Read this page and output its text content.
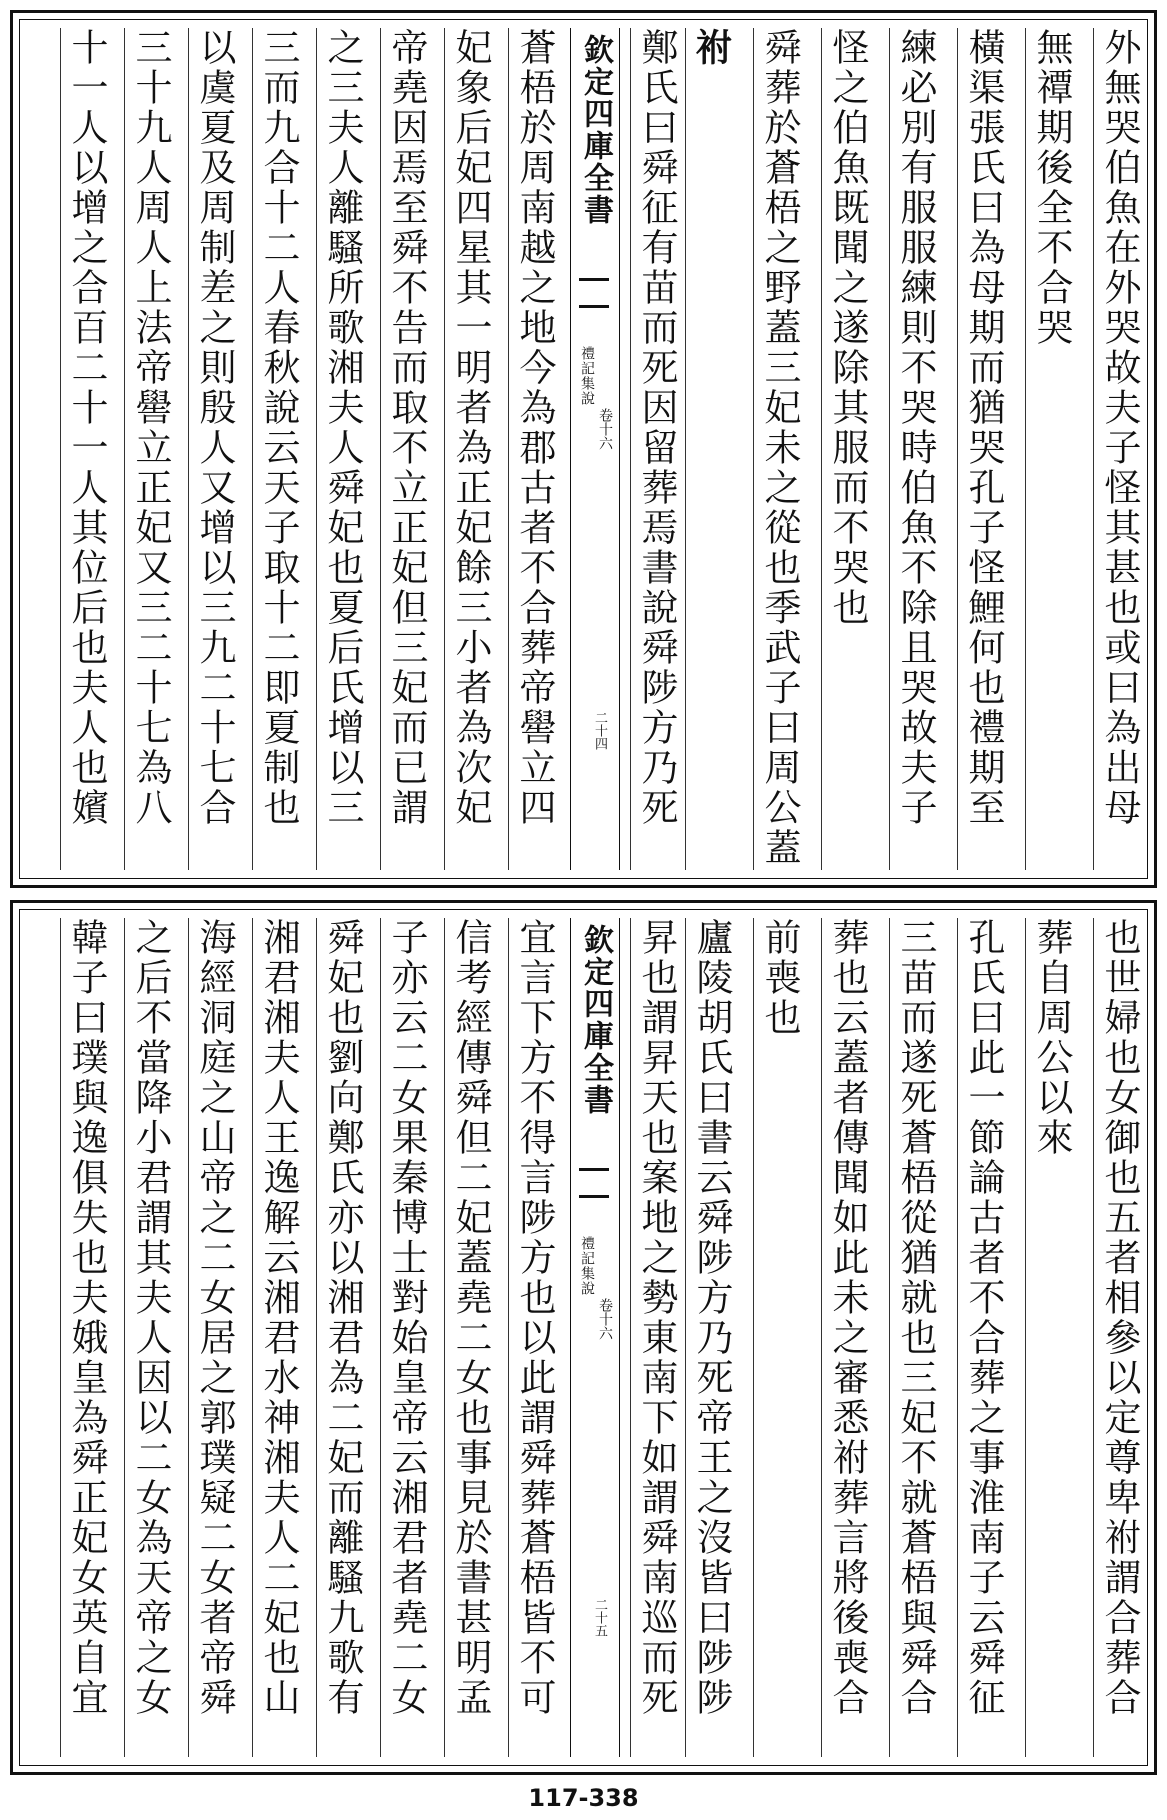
外無哭伯魚在外哭故夫子怪其甚也或曰為出母
無禫期後全不合哭
橫渠張氏曰為母期而猶哭孔子怪鯉何也禮期至
練必別有服服練則不哭時伯魚不除且哭故夫子
怪之伯魚既聞之遂除其服而不哭也
舜葬於蒼梧之野蓋三妃未之從也季武子曰周公蓋
祔
鄭氏曰舜征有苗而死因留葬焉書說舜陟方乃死
欽定四庫全書
禮記集說
卷十六
二十四
蒼梧於周南越之地今為郡古者不合葬帝嚳立四
妃象后妃四星其一明者為正妃餘三小者為次妃
帝堯因焉至舜不告而取不立正妃但三妃而已謂
之三夫人離騷所歌湘夫人舜妃也夏后氏增以三
三而九合十二人春秋說云天子取十二即夏制也
以虞夏及周制差之則殷人又增以三九二十七合
三十九人周人上法帝嚳立正妃又三二十七為八
十一人以增之合百二十一人其位后也夫人也嬪
也世婦也女御也五者相參以定尊卑祔謂合葬合
葬自周公以來
孔氏曰此一節論古者不合葬之事淮南子云舜征
三苗而遂死蒼梧從猶就也三妃不就蒼梧與舜合
葬也云蓋者傳聞如此未之審悉祔葬言將後喪合
前喪也
廬陵胡氏曰書云舜陟方乃死帝王之沒皆曰陟陟
昇也謂昇天也案地之勢東南下如謂舜南巡而死
欽定四庫全書
禮記集說
卷十六
二十五
宜言下方不得言陟方也以此謂舜葬蒼梧皆不可
信考經傳舜但二妃蓋堯二女也事見於書甚明孟
子亦云二女果秦博士對始皇帝云湘君者堯二女
舜妃也劉向鄭氏亦以湘君為二妃而離騷九歌有
湘君湘夫人王逸解云湘君水神湘夫人二妃也山
海經洞庭之山帝之二女居之郭璞疑二女者帝舜
之后不當降小君謂其夫人因以二女為天帝之女
韓子曰璞與逸俱失也夫娥皇為舜正妃女英自宜
117-338
